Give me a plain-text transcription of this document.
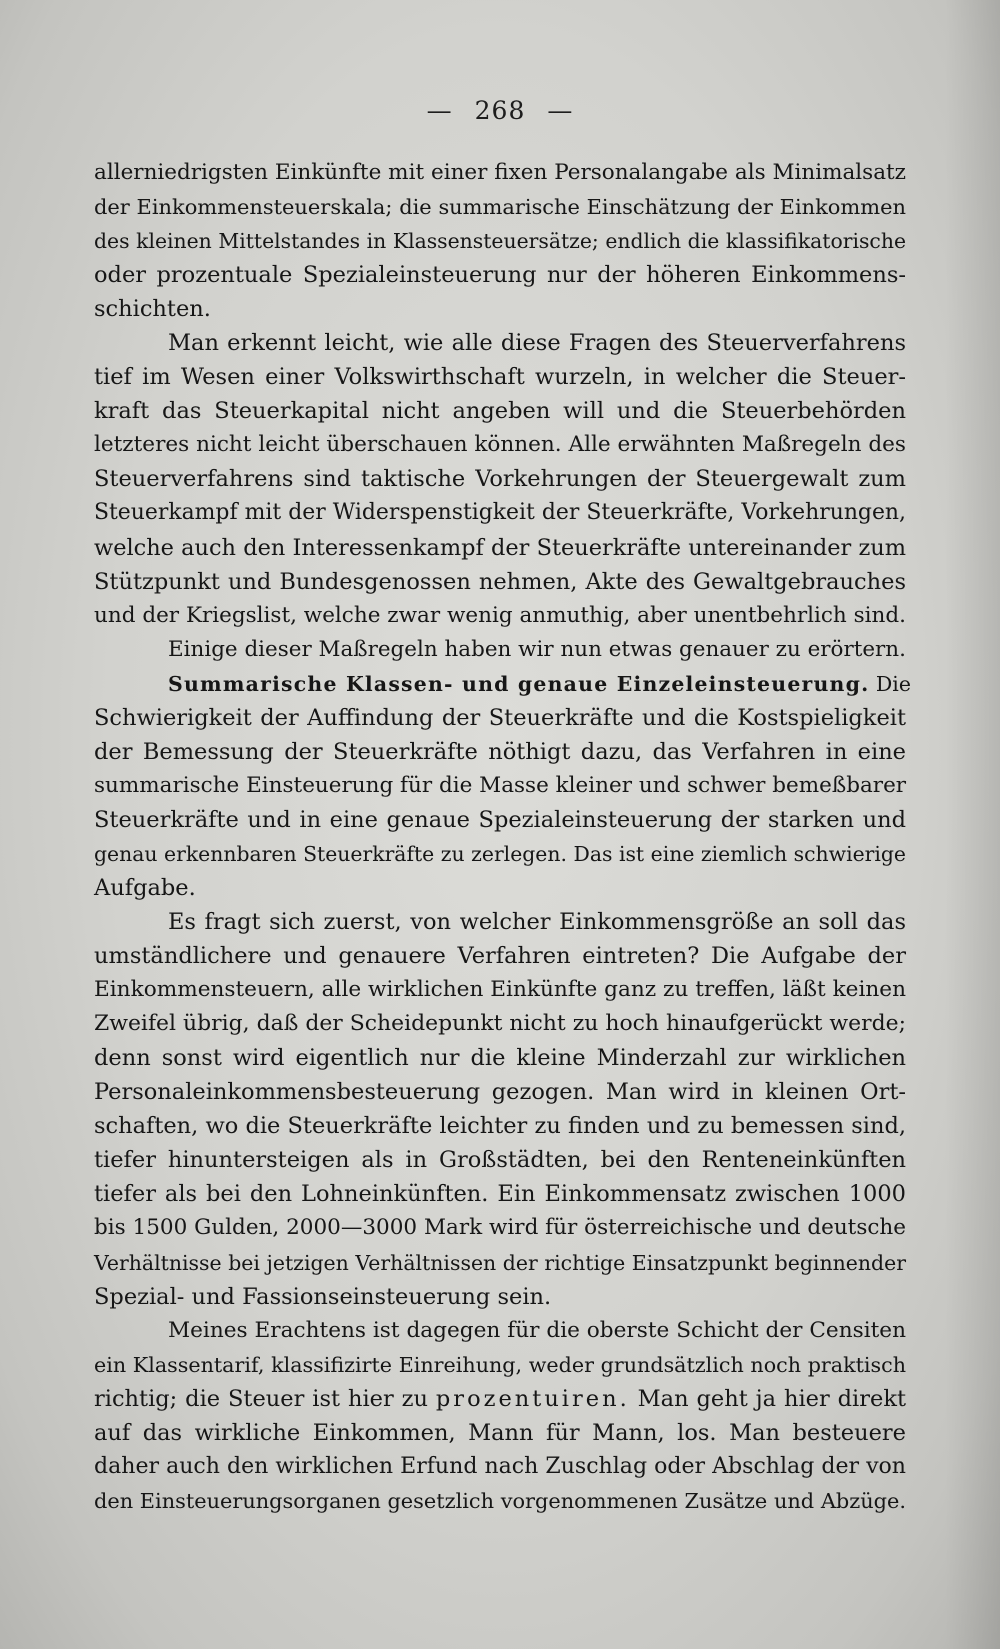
— 268 —
allerniedrigsten Einkünfte mit einer fixen Personalangabe als Minimalsatz
der Einkommensteuerskala; die summarische Einschätzung der Einkommen
des kleinen Mittelstandes in Klassensteuersätze; endlich die klassifikatorische
oder prozentuale Spezialeinsteuerung nur der höheren Einkommens-
schichten.
Man erkennt leicht, wie alle diese Fragen des Steuerverfahrens
tief im Wesen einer Volkswirthschaft wurzeln, in welcher die Steuer-
kraft das Steuerkapital nicht angeben will und die Steuerbehörden
letzteres nicht leicht überschauen können. Alle erwähnten Maßregeln des
Steuerverfahrens sind taktische Vorkehrungen der Steuergewalt zum
Steuerkampf mit der Widerspenstigkeit der Steuerkräfte, Vorkehrungen,
welche auch den Interessenkampf der Steuerkräfte untereinander zum
Stützpunkt und Bundesgenossen nehmen, Akte des Gewaltgebrauches
und der Kriegslist, welche zwar wenig anmuthig, aber unentbehrlich sind.
Einige dieser Maßregeln haben wir nun etwas genauer zu erörtern.
Summarische Klassen- und genaue Einzeleinsteuerung. Die
Schwierigkeit der Auffindung der Steuerkräfte und die Kostspieligkeit
der Bemessung der Steuerkräfte nöthigt dazu, das Verfahren in eine
summarische Einsteuerung für die Masse kleiner und schwer bemeßbarer
Steuerkräfte und in eine genaue Spezialeinsteuerung der starken und
genau erkennbaren Steuerkräfte zu zerlegen. Das ist eine ziemlich schwierige
Aufgabe.
Es fragt sich zuerst, von welcher Einkommensgröße an soll das
umständlichere und genauere Verfahren eintreten? Die Aufgabe der
Einkommensteuern, alle wirklichen Einkünfte ganz zu treffen, läßt keinen
Zweifel übrig, daß der Scheidepunkt nicht zu hoch hinaufgerückt werde;
denn sonst wird eigentlich nur die kleine Minderzahl zur wirklichen
Personaleinkommensbesteuerung gezogen. Man wird in kleinen Ort-
schaften, wo die Steuerkräfte leichter zu finden und zu bemessen sind,
tiefer hinuntersteigen als in Großstädten, bei den Renteneinkünften
tiefer als bei den Lohneinkünften. Ein Einkommensatz zwischen 1000
bis 1500 Gulden, 2000—3000 Mark wird für österreichische und deutsche
Verhältnisse bei jetzigen Verhältnissen der richtige Einsatzpunkt beginnender
Spezial- und Fassionseinsteuerung sein.
Meines Erachtens ist dagegen für die oberste Schicht der Censiten
ein Klassentarif, klassifizirte Einreihung, weder grundsätzlich noch praktisch
richtig; die Steuer ist hier zu prozentuiren. Man geht ja hier direkt
auf das wirkliche Einkommen, Mann für Mann, los. Man besteuere
daher auch den wirklichen Erfund nach Zuschlag oder Abschlag der von
den Einsteuerungsorganen gesetzlich vorgenommenen Zusätze und Abzüge.
